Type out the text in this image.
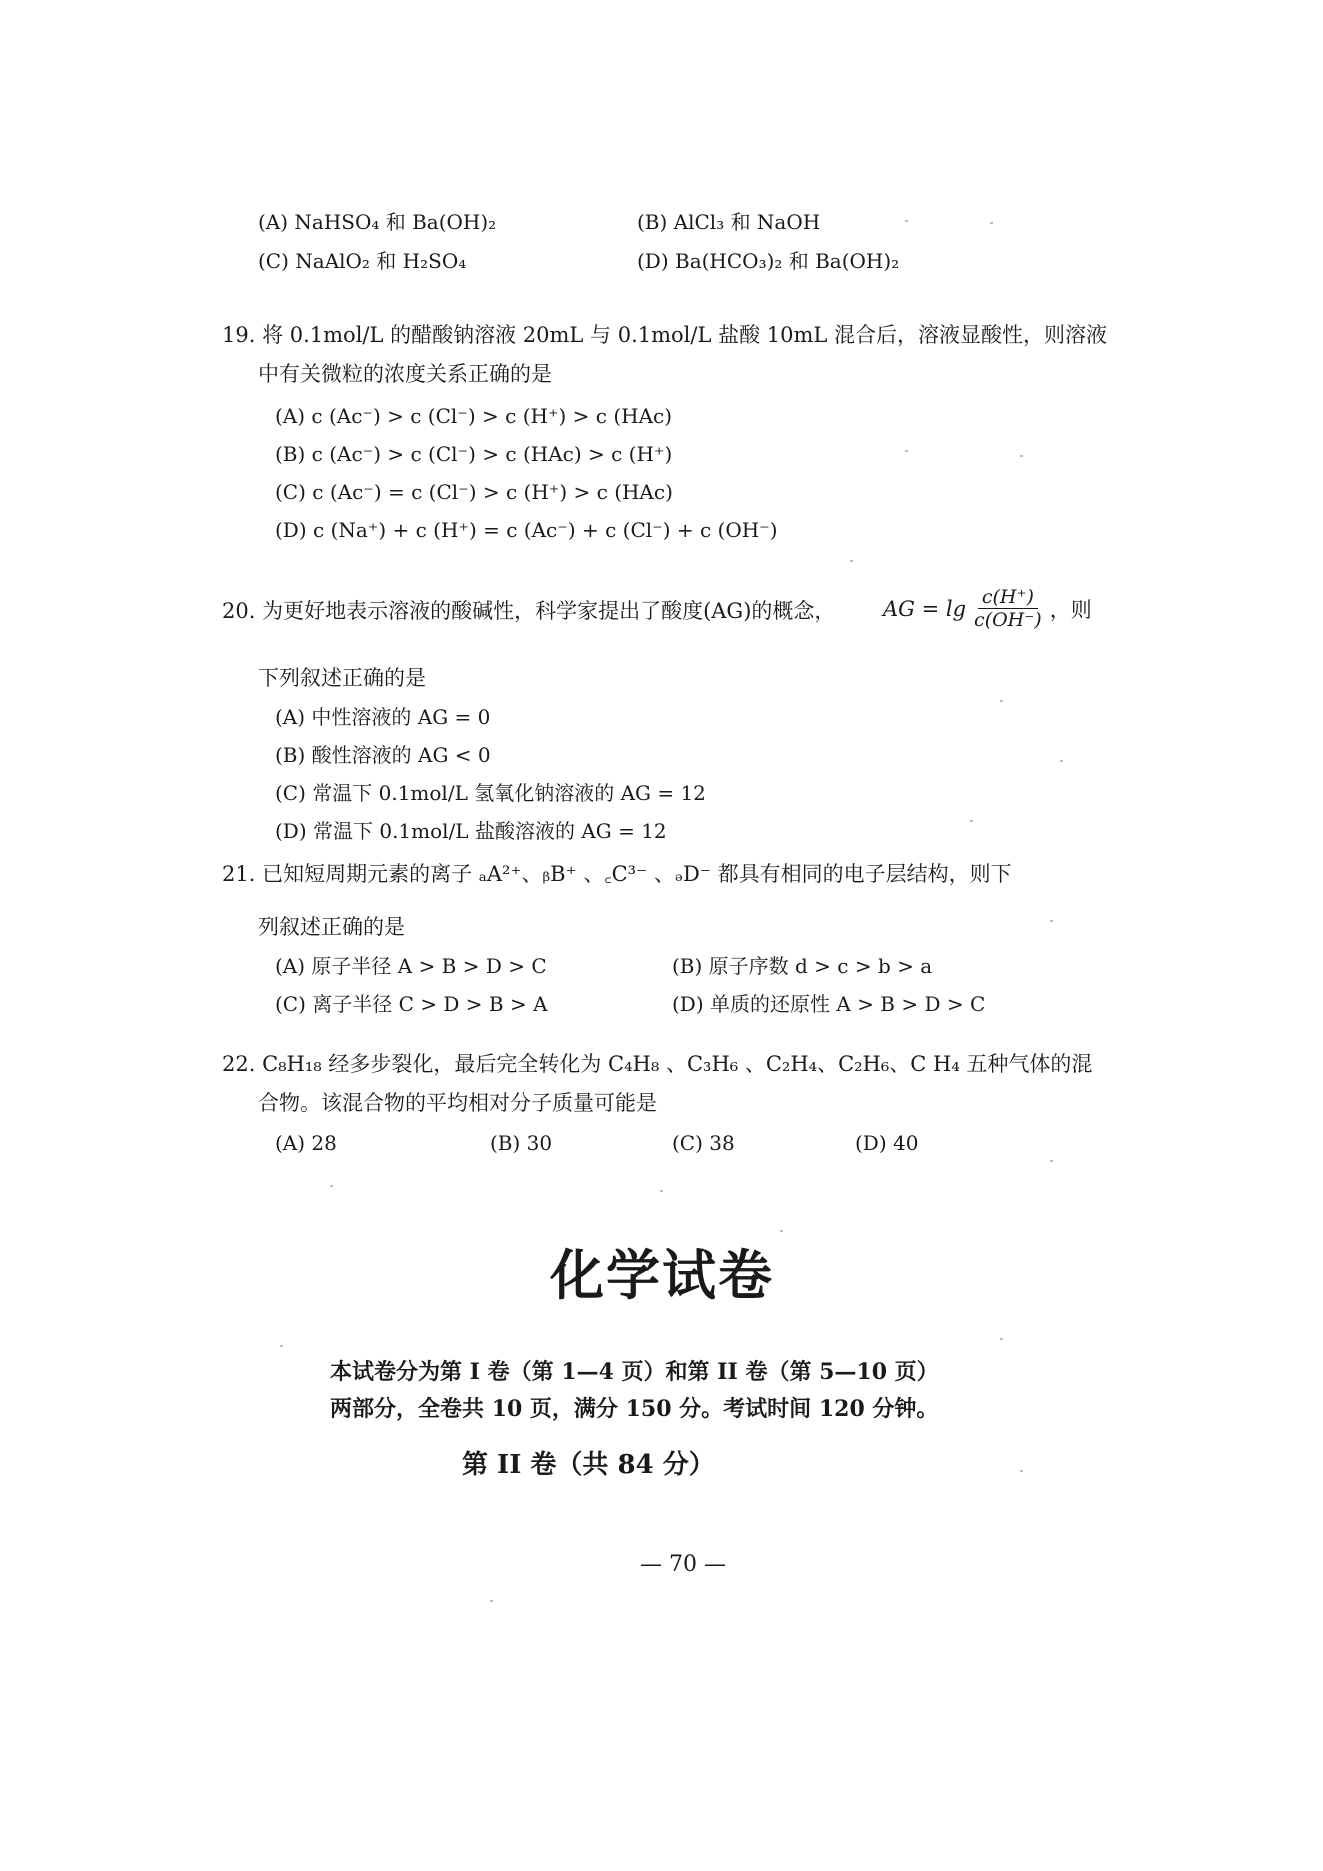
(A) NaHSO₄ 和 Ba(OH)₂	(B) AlCl₃ 和 NaOH
(C) NaAlO₂ 和 H₂SO₄	(D) Ba(HCO₃)₂ 和 Ba(OH)₂
19. 将 0.1mol/L 的醋酸钠溶液 20mL 与 0.1mol/L 盐酸 10mL 混合后，溶液显酸性，则溶液
中有关微粒的浓度关系正确的是
(A) c (Ac⁻) > c (Cl⁻) > c (H⁺) > c (HAc)
(B) c (Ac⁻) > c (Cl⁻) > c (HAc) > c (H⁺)
(C) c (Ac⁻) = c (Cl⁻) > c (H⁺) > c (HAc)
(D) c (Na⁺) + c (H⁺) = c (Ac⁻) + c (Cl⁻) + c (OH⁻)
20. 为更好地表示溶液的酸碱性，科学家提出了酸度(AG)的概念， AG = $\lg \frac{c(H^+)}{c(OH^-)}$ ，则
下列叙述正确的是
(A) 中性溶液的 AG = 0
(B) 酸性溶液的 AG < 0
(C) 常温下 0.1mol/L 氢氧化钠溶液的 AG = 12
(D) 常温下 0.1mol/L 盐酸溶液的 AG = 12
21. 已知短周期元素的离子 ₐA²⁺、ᵦB⁺ 、꜀C³⁻ 、ₔD⁻ 都具有相同的电子层结构，则下
列叙述正确的是
(A) 原子半径 A > B > D > C	(B) 原子序数 d > c > b > a
(C) 离子半径 C > D > B > A	(D) 单质的还原性 A > B > D > C
22. C₈H₁₈ 经多步裂化，最后完全转化为 C₄H₈ 、C₃H₆ 、C₂H₄、C₂H₆、C H₄ 五种气体的混
合物。该混合物的平均相对分子质量可能是
(A) 28	(B) 30	(C) 38	(D) 40
化学试卷
本试卷分为第 I 卷（第 1—4 页）和第 II 卷（第 5—10 页）
两部分，全卷共 10 页，满分 150 分。考试时间 120 分钟。
第 II 卷（共 84 分）
— 70 —
